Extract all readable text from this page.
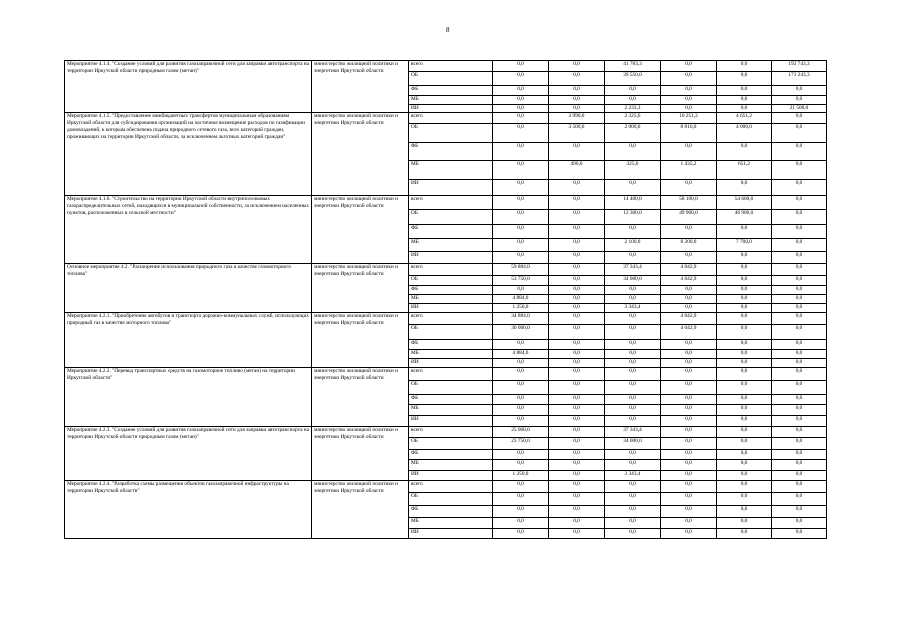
8
Мероприятие 4.1.4. "Создание условий для развития газозаправочной сети для заправки автотранспорта на территории Иркутской области природным газом (метан)"	министерство жилищной политики и энергетики Иркутской области	всего	0,0	0,0	41 783,3	0,0	0,0	192 743,3
		ОБ	0,0	0,0	39 550,0	0,0	0,0	171 243,3
		ФБ	0,0	0,0	0,0	0,0	0,0	0,0
		МБ	0,0	0,0	0,0	0,0	0,0	0,0
		ИИ	0,0	0,0	2 233,3	0,0	0,0	21 500,0
Мероприятие 4.1.5. "Предоставление межбюджетных трансфертов муниципальным образованиям Иркутской области для субсидирования организаций на частичное возмещение расходов по газификации домовладений, к которым обеспечена подача природного сетевого газа, всех категорий граждан, проживающих на территории Иркутской области, за исключением льготных категорий граждан"	министерство жилищной политики и энергетики Иркутской области	всего	0,0	3 990,0	2 325,6	10 251,2	4 651,2	0,0
		ОБ	0,0	3 500,0	2 000,0	8 816,0	4 000,0	0,0
		ФБ	0,0	0,0	0,0	0,0	0,0	0,0
		МБ	0,0	490,0	325,6	1 435,2	651,2	0,0
		ИИ	0,0	0,0	0,0	0,0	0,0	0,0
Мероприятие 4.1.6. "Строительство на территории Иркутской области внутрипоселковых газораспределительных сетей, находящихся в муниципальной собственности, за исключением населенных пунктов, расположенных в сельской местности"	министерство жилищной политики и энергетики Иркутской области	всего	0,0	0,0	14 400,0	58 100,0	54 600,0	0,0
		ОБ	0,0	0,0	12 300,0	49 900,0	46 900,0	0,0
		ФБ	0,0	0,0	0,0	0,0	0,0	0,0
		МБ	0,0	0,0	2 100,0	8 200,0	7 700,0	0,0
		ИИ	0,0	0,0	0,0	0,0	0,0	0,0
Основное мероприятие 4.2. "Расширение использования природного газа в качестве газомоторного топлива"	министерство жилищной политики и энергетики Иркутской области	всего	59 884,0	0,0	37 343,4	4 042,9	0,0	0,0
		ОБ	53 750,0	0,0	34 000,0	4 042,9	0,0	0,0
		ФБ	0,0	0,0	0,0	0,0	0,0	0,0
		МБ	4 884,0	0,0	0,0	0,0	0,0	0,0
		ИИ	1 250,0	0,0	3 343,4	0,0	0,0	0,0
Мероприятие 4.2.1. "Приобретение автобусов и транспорта дорожно-коммунальных служб, использующих природный газ в качестве моторного топлива"	министерство жилищной политики и энергетики Иркутской области	всего	34 884,0	0,0	0,0	4 042,9	0,0	0,0
		ОБ	30 000,0	0,0	0,0	4 042,9	0,0	0,0
		ФБ	0,0	0,0	0,0	0,0	0,0	0,0
		МБ	4 884,0	0,0	0,0	0,0	0,0	0,0
		ИИ	0,0	0,0	0,0	0,0	0,0	0,0
Мероприятие 4.2.2. "Перевод транспортных средств на газомоторное топливо (метан) на территории Иркутской области"	министерство жилищной политики и энергетики Иркутской области	всего	0,0	0,0	0,0	0,0	0,0	0,0
		ОБ	0,0	0,0	0,0	0,0	0,0	0,0
		ФБ	0,0	0,0	0,0	0,0	0,0	0,0
		МБ	0,0	0,0	0,0	0,0	0,0	0,0
		ИИ	0,0	0,0	0,0	0,0	0,0	0,0
Мероприятие 4.2.3. "Создание условий для развития газозаправочной сети для заправки автотранспорта на территории Иркутской области природным газом (метан)"	министерство жилищной политики и энергетики Иркутской области	всего	25 000,0	0,0	37 343,4	0,0	0,0	0,0
		ОБ	23 750,0	0,0	34 000,0	0,0	0,0	0,0
		ФБ	0,0	0,0	0,0	0,0	0,0	0,0
		МБ	0,0	0,0	0,0	0,0	0,0	0,0
		ИИ	1 250,0	0,0	3 343,4	0,0	0,0	0,0
Мероприятие 4.2.4. "Разработка схемы размещения объектов газозаправочной инфраструктуры на территории Иркутской области"	министерство жилищной политики и энергетики Иркутской области	всего	0,0	0,0	0,0	0,0	0,0	0,0
		ОБ	0,0	0,0	0,0	0,0	0,0	0,0
		ФБ	0,0	0,0	0,0	0,0	0,0	0,0
		МБ	0,0	0,0	0,0	0,0	0,0	0,0
		ИИ	0,0	0,0	0,0	0,0	0,0	0,0
